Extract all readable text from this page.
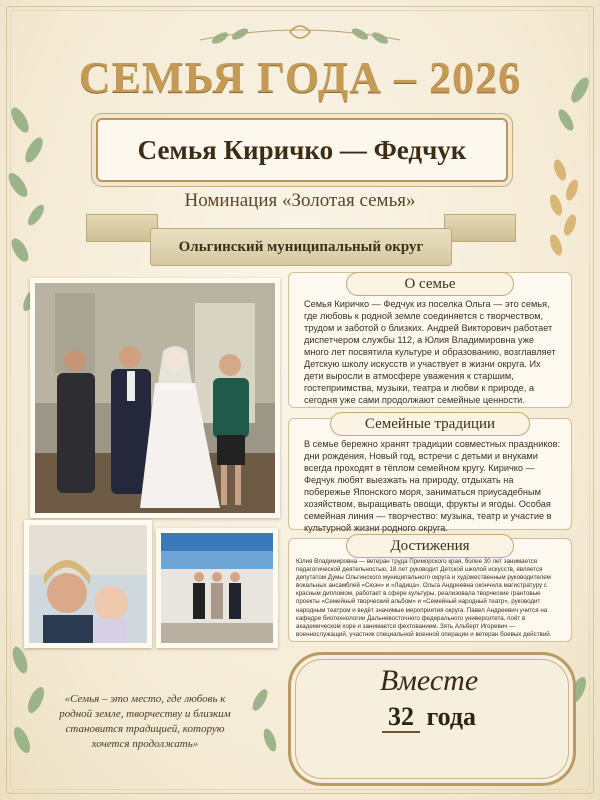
СЕМЬЯ ГОДА – 2026
Семья Киричко — Федчук
Номинация «Золотая семья»
Ольгинский муниципальный округ
О семье
Семья Киричко — Федчук из поселка Ольга — это семья, где любовь к родной земле соединяется с творчеством, трудом и заботой о близких. Андрей Викторович работает диспетчером службы 112, а Юлия Владимировна уже много лет посвятила культуре и образованию, возглавляет Детскую школу искусств и участвует в жизни округа. Их дети выросли в атмосфере уважения к старшим, гостеприимства, музыки, театра и любви к природе, а сегодня уже сами продолжают семейные ценности.
Семейные традиции
В семье бережно хранят традиции совместных праздников: дни рождения, Новый год, встречи с детьми и внуками всегда проходят в тёплом семейном кругу. Киричко — Федчук любят выезжать на природу, отдыхать на побережье Японского моря, заниматься приусадебным хозяйством, выращивать овощи, фрукты и ягоды. Особая семейная линия — творчество: музыка, театр и участие в культурной жизни родного округа.
Достижения
Юлия Владимировна — ветеран труда Приморского края, более 30 лет занимается педагогической деятельностью, 18 лет руководит Детской школой искусств, является депутатом Думы Ольгинского муниципального округа и художественным руководителем вокальных ансамблей «Сюэн» и «Ладица». Ольга Андреевна окончила магистратуру с красным дипломом, работает в сфере культуры, реализовала творческие грантовые проекты «Семейный творческий альбом» и «Семейный народный театр», руководит народным театром и ведёт значимые мероприятия округа. Павел Андреевич учится на кафедре биотехнологии Дальневосточного федерального университета, поёт в академическом хоре и занимается фехтованием. Зять Альберт Игоревич — военнослужащий, участник специальной военной операции и ветеран боевых действий.
«Семья – это место, где любовь к родной земле, творчеству и близким становится традицией, которую хочется продолжать»
Вместе
32 года
